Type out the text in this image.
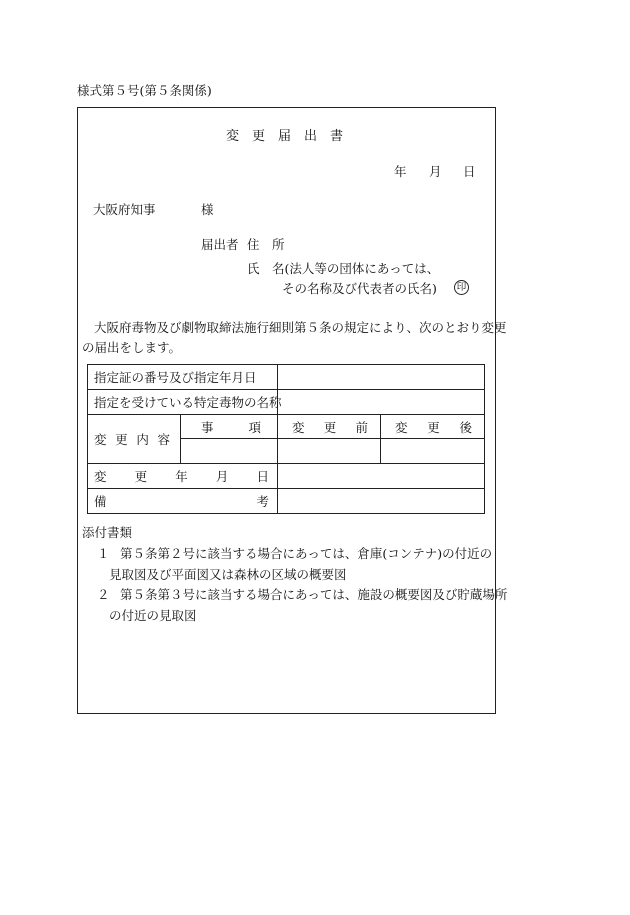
様式第５号(第５条関係)
変　更　届　出　書
年 月 日
大阪府知事	様
届出者 住　所
氏　名(法人等の団体にあっては、
その名称及び代表者の氏名) 印
大阪府毒物及び劇物取締法施行細則第５条の規定により、次のとおり変更
の届出をします。
指定証の番号及び指定年月日			
指定を受けている特定毒物の名称			

変 更 内 容	事 項	変 更 前	変 更 後

変 更 年 月 日			

備 考			

添付書類
１ 第５条第２号に該当する場合にあっては、倉庫(コンテナ)の付近の
見取図及び平面図又は森林の区域の概要図
２ 第５条第３号に該当する場合にあっては、施設の概要図及び貯蔵場所
の付近の見取図
